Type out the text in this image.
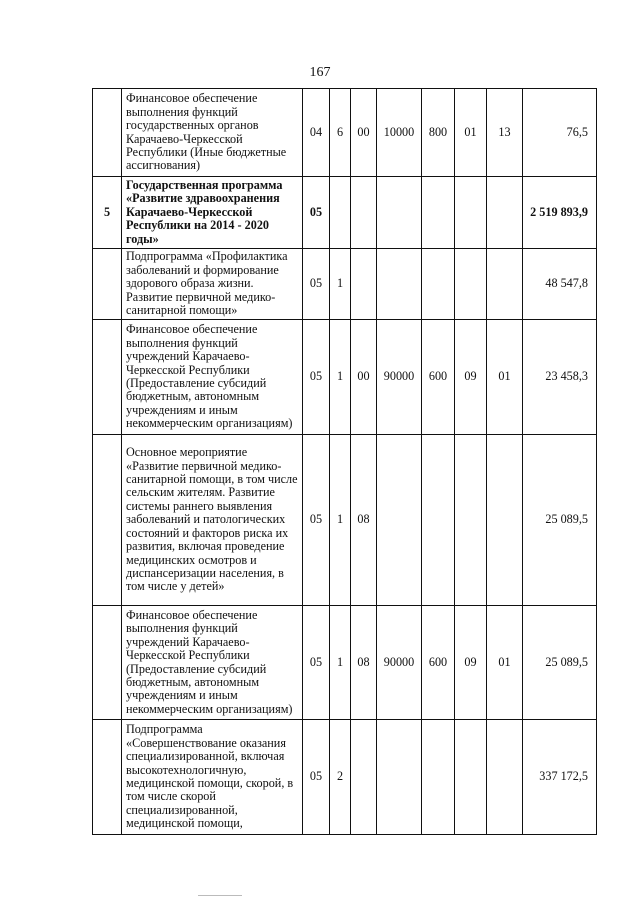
167
	Финансовое обеспечение выполнения функций государственных органов Карачаево-Черкесской Республики (Иные бюджетные ассигнования)	04	6	00	10000	800	01	13	76,5
5	Государственная программа «Развитие здравоохранения Карачаево-Черкесской Республики на 2014 - 2020 годы»	05							2 519 893,9
	Подпрограмма «Профилактика заболеваний и формирование здорового образа жизни. Развитие первичной медико-санитарной помощи»	05	1						48 547,8
	Финансовое обеспечение выполнения функций учреждений Карачаево-Черкесской Республики (Предоставление субсидий бюджетным, автономным учреждениям и иным некоммерческим организациям)	05	1	00	90000	600	09	01	23 458,3
	Основное мероприятие «Развитие первичной медико-санитарной помощи, в том числе сельским жителям. Развитие системы раннего выявления заболеваний и патологических состояний и факторов риска их развития, включая проведение медицинских осмотров и диспансеризации населения, в том числе у детей»	05	1	08					25 089,5
	Финансовое обеспечение выполнения функций учреждений Карачаево-Черкесской Республики (Предоставление субсидий бюджетным, автономным учреждениям и иным некоммерческим организациям)	05	1	08	90000	600	09	01	25 089,5
	Подпрограмма «Совершенствование оказания специализированной, включая высокотехнологичную, медицинской помощи, скорой, в том числе скорой специализированной, медицинской помощи,	05	2						337 172,5
